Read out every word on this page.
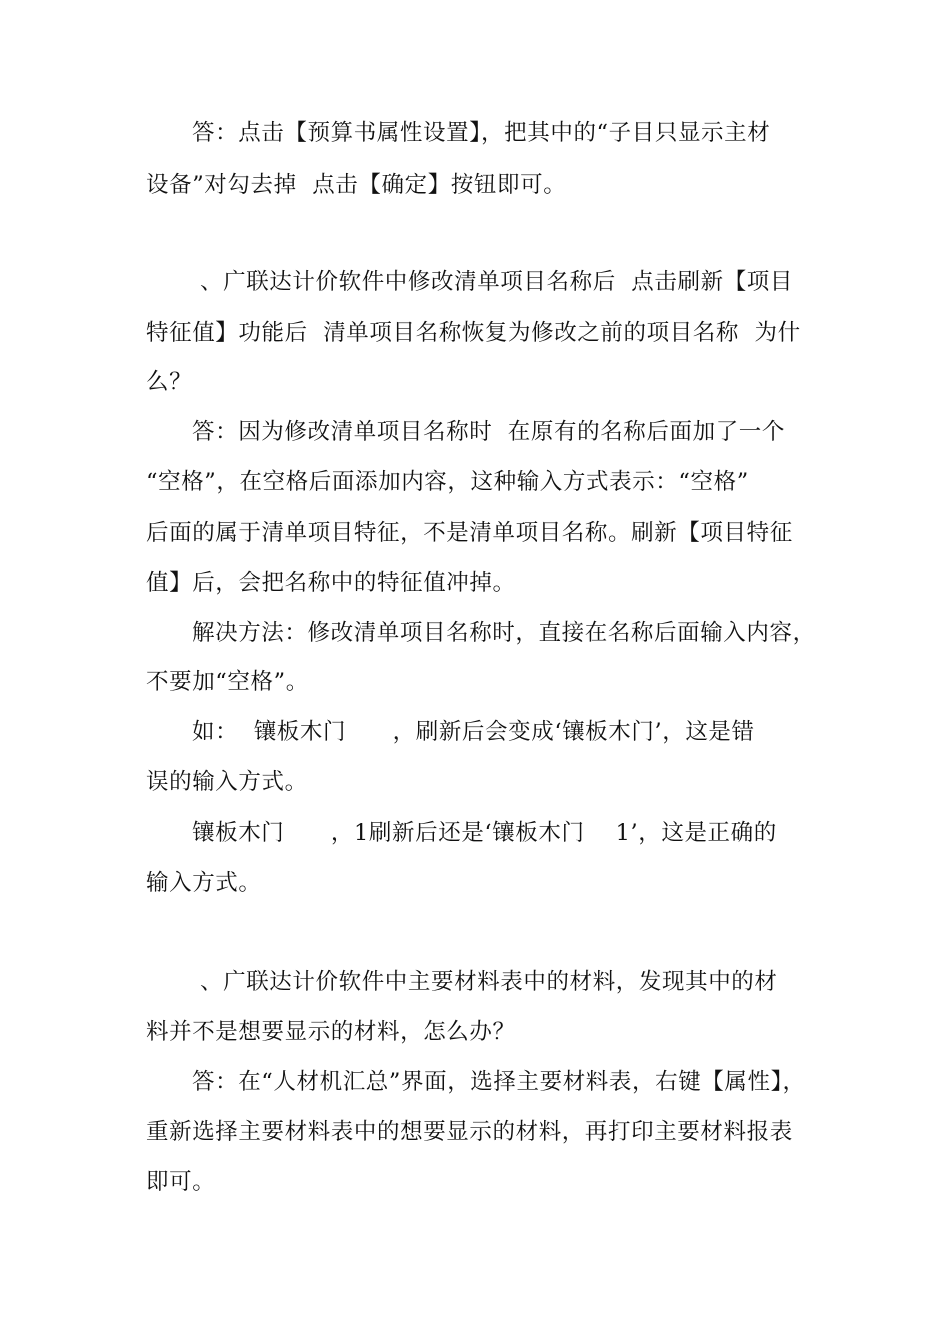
答：点击【预算书属性设置】，把其中的“子目只显示主材
设备”对勾去掉  点击【确定】按钮即可。
、广联达计价软件中修改清单项目名称后  点击刷新【项目
特征值】功能后  清单项目名称恢复为修改之前的项目名称  为什
么？
答：因为修改清单项目名称时  在原有的名称后面加了一个
“空格”，在空格后面添加内容，这种输入方式表示：“空格”
后面的属于清单项目特征，不是清单项目名称。刷新【项目特征
值】后，会把名称中的特征值冲掉。
解决方法：修改清单项目名称时，直接在名称后面输入内容，
不要加“空格”。
如：  镶板木门      ，刷新后会变成‘镶板木门’，这是错
误的输入方式。
镶板木门      ，1刷新后还是‘镶板木门    1’，这是正确的
输入方式。
、广联达计价软件中主要材料表中的材料，发现其中的材
料并不是想要显示的材料，怎么办？
答：在“人材机汇总”界面，选择主要材料表，右键【属性】，
重新选择主要材料表中的想要显示的材料，再打印主要材料报表
即可。
